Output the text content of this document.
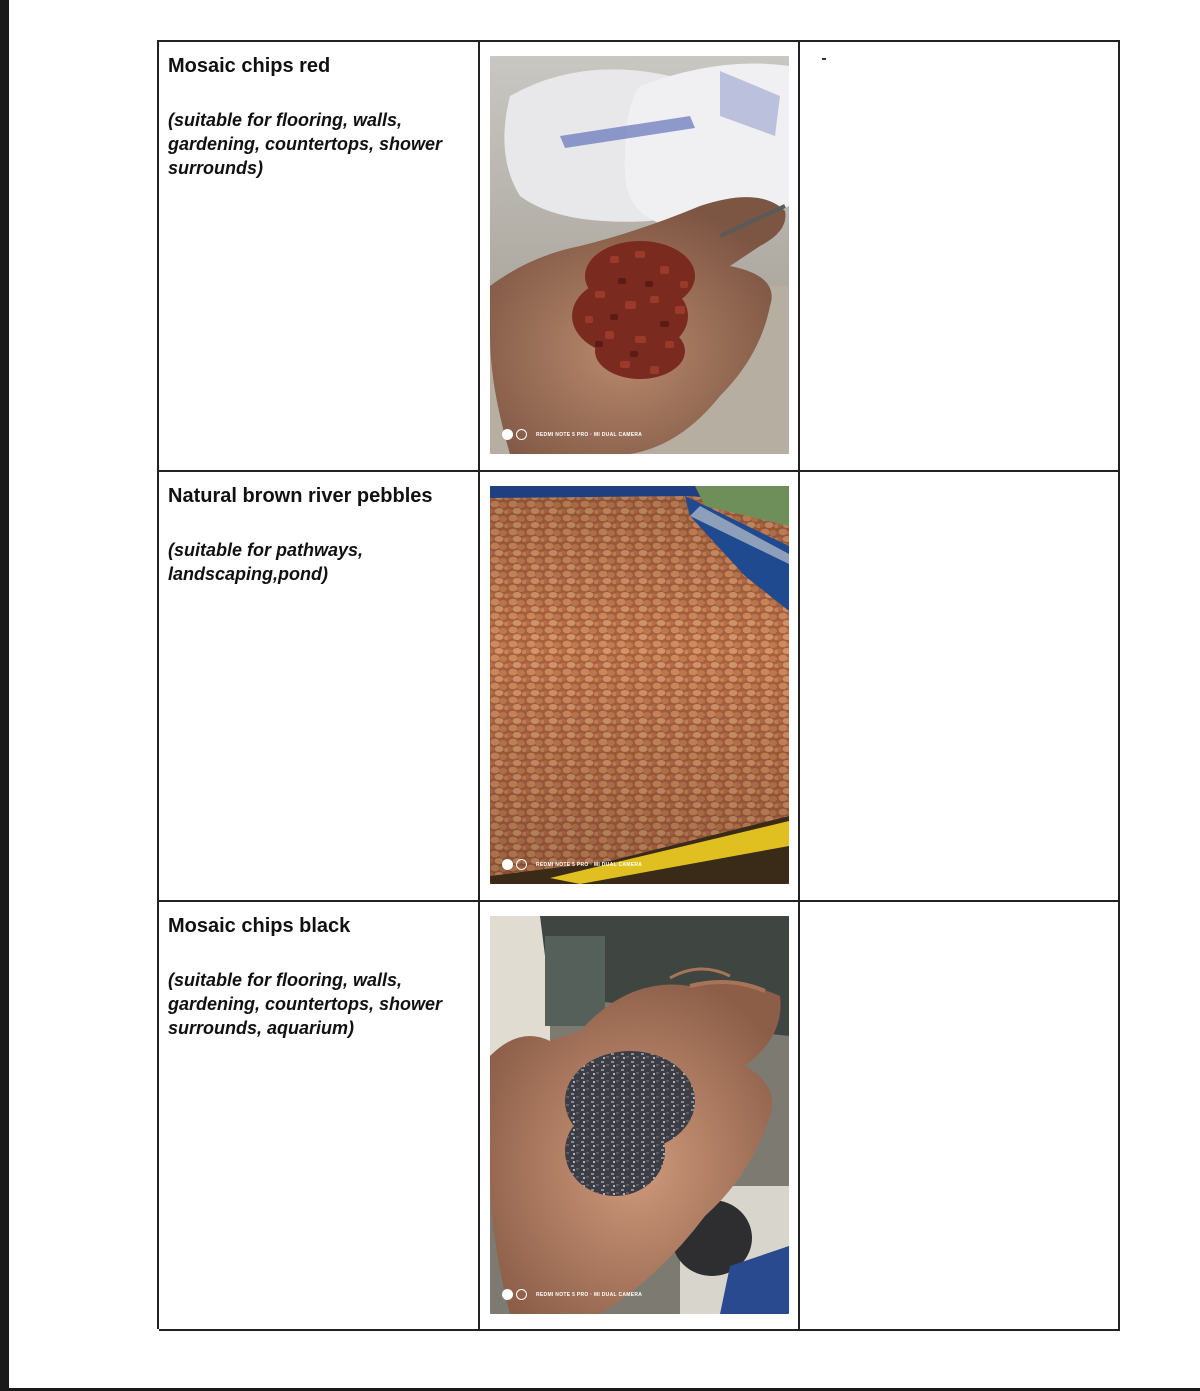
Mosaic chips red

(suitable for flooring, walls, gardening, countertops, shower surrounds)

REDMI NOTE 5 PRO · MI DUAL CAMERA

Natural brown river pebbles

(suitable for pathways, landscaping,pond)

REDMI NOTE 5 PRO · MI DUAL CAMERA

Mosaic chips black

(suitable for flooring, walls, gardening, countertops, shower surrounds, aquarium)

REDMI NOTE 5 PRO · MI DUAL CAMERA
